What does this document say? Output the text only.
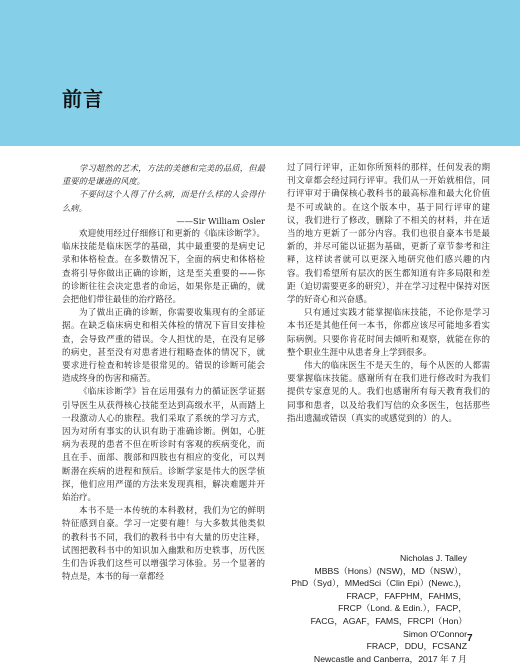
前言

学习超然的艺术，方法的美德和完美的品质，但最重要的是谦逊的风度。

不要问这个人得了什么病，而是什么样的人会得什么病。

——Sir William Osler

欢迎使用经过仔细修订和更新的《临床诊断学》。临床技能是临床医学的基础，其中最重要的是病史记录和体格检查。在多数情况下，全面的病史和体格检查将引导你做出正确的诊断，这是至关重要的——你的诊断往往会决定患者的命运，如果你是正确的，就会把他们带往最佳的治疗路径。

为了做出正确的诊断，你需要收集现有的全部证据。在缺乏临床病史和相关体检的情况下盲目安排检查，会导致严重的错误。令人担忧的是，在没有足够的病史，甚至没有对患者进行粗略查体的情况下，就要求进行检查和转诊是很常见的。错误的诊断可能会造成终身的伤害和痛苦。

《临床诊断学》旨在运用强有力的循证医学证据引导医生从获得核心技能至达到高级水平，从而踏上一段激动人心的旅程。我们采取了系统的学习方式，因为对所有事实的认识有助于准确诊断。例如，心脏病为表现的患者不但在听诊时有客观的疾病变化，而且在手、面部、腹部和四肢也有相应的变化，可以判断潜在疾病的进程和预后。诊断学家是伟大的医学侦探，他们应用严谨的方法来发现真相，解决难题并开始治疗。

本书不是一本传统的本科教材，我们为它的鲜明特征感到自豪。学习一定要有趣！与大多数其他类似的教科书不同，我们的教科书中有大量的历史注释，试图把教科书中的知识加入幽默和历史轶事，历代医生们告诉我们这些可以增强学习体验。另一个显著的特点是，本书的每一章都经

过了同行评审，正如你所预料的那样，任何发表的期刊文章都会经过同行评审。我们从一开始就相信，同行评审对于确保核心教科书的最高标准和最大化价值是不可或缺的。在这个版本中，基于同行评审的建议，我们进行了修改，删除了不相关的材料，并在适当的地方更新了一部分内容。我们也很自豪本书是最新的，并尽可能以证据为基础，更新了章节参考和注释，这样读者就可以更深入地研究他们感兴趣的内容。我们希望所有层次的医生都知道有许多局限和差距（迫切需要更多的研究），并在学习过程中保持对医学的好奇心和兴奋感。

只有通过实践才能掌握临床技能，不论你是学习本书还是其他任何一本书，你都应该尽可能地多看实际病例。只要你肯花时间去倾听和观察，就能在你的整个职业生涯中从患者身上学到很多。

伟大的临床医生不是天生的，每个从医的人都需要掌握临床技能。感谢所有在我们进行修改时为我们提供专家意见的人。我们也感谢所有每天教育我们的同事和患者，以及给我们写信的众多医生，包括那些指出遗漏或错误（真实的或感觉到的）的人。

Nicholas J. Talley
MBBS（Hons）(NSW)，MD（NSW），
PhD（Syd），MMedSci（Clin Epi）(Newc.)，
FRACP，FAFPHM，FAHMS，
FRCP（Lond. & Edin.），FACP，
FACG，AGAF，FAMS，FRCPI（Hon）
Simon O'Connor
FRACP，DDU，FCSANZ
Newcastle and Canberra，2017 年 7 月
7
